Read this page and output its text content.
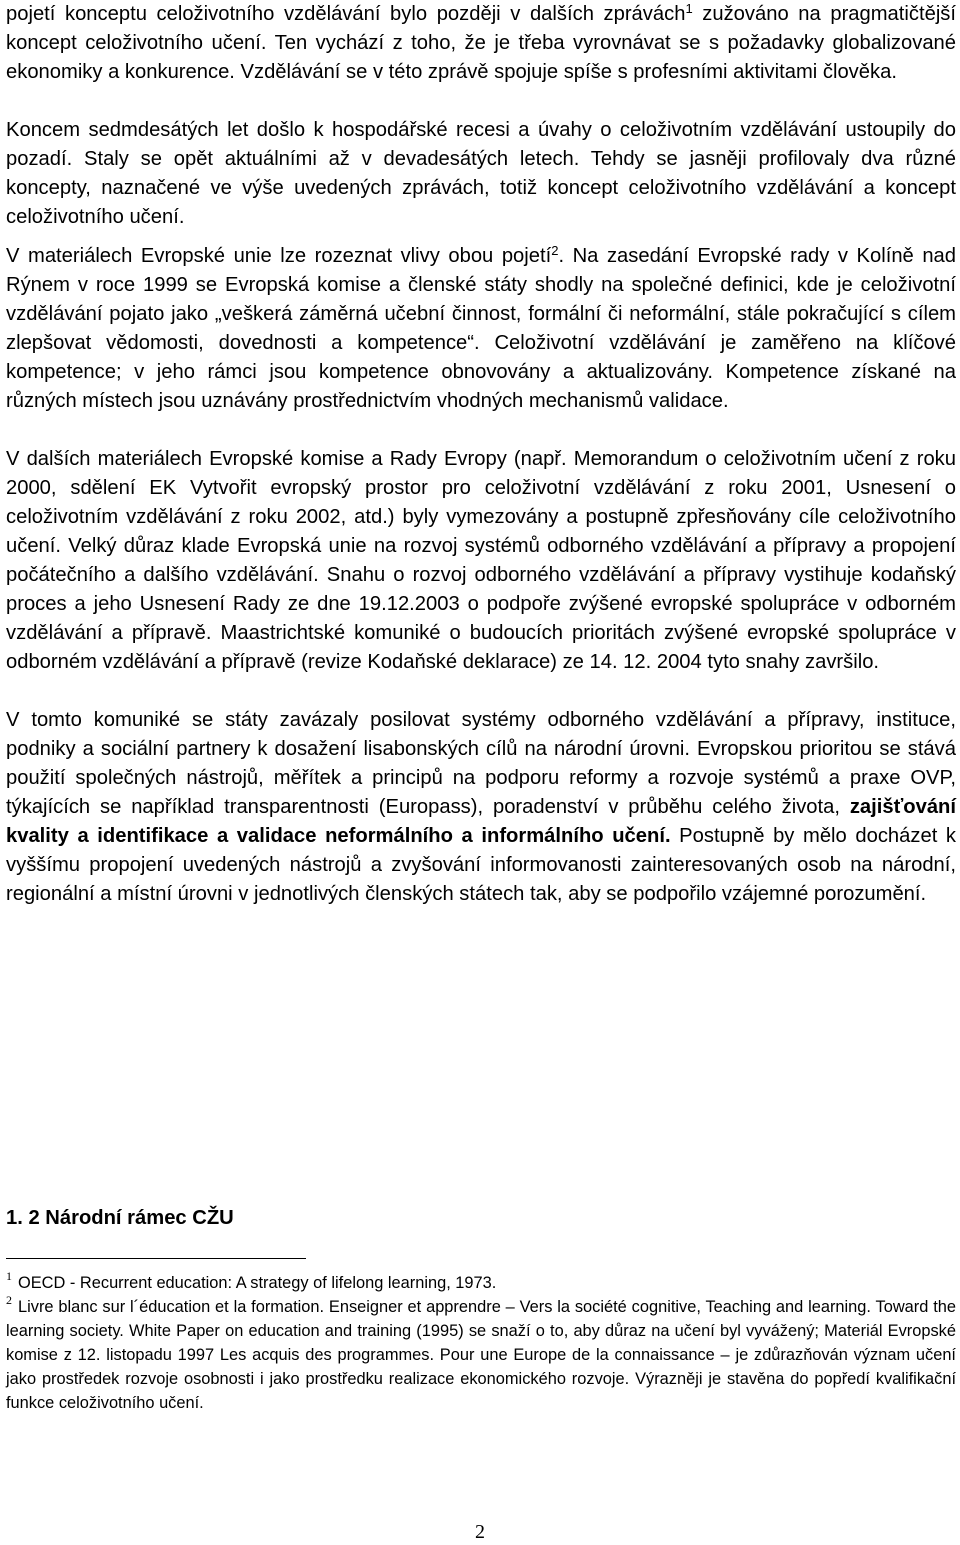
pojetí konceptu celoživotního vzdělávání bylo později v dalších zprávách$^1$ zužováno na pragmatičtější koncept celoživotního učení. Ten vychází z toho, že je třeba vyrovnávat se s požadavky globalizované ekonomiky a konkurence. Vzdělávání se v této zprávě spojuje spíše s profesními aktivitami člověka.

Koncem sedmdesátých let došlo k hospodářské recesi a úvahy o celoživotním vzdělávání ustoupily do pozadí. Staly se opět aktuálními až v devadesátých letech. Tehdy se jasněji profilovaly dva různé koncepty, naznačené ve výše uvedených zprávách, totiž koncept celoživotního vzdělávání a koncept celoživotního učení.

V materiálech Evropské unie lze rozeznat vlivy obou pojetí$^2$. Na zasedání Evropské rady v Kolíně nad Rýnem v roce 1999 se Evropská komise a členské státy shodly na společné definici, kde je celoživotní vzdělávání pojato jako „veškerá záměrná učební činnost, formální či neformální, stále pokračující s cílem zlepšovat vědomosti, dovednosti a kompetence“. Celoživotní vzdělávání je zaměřeno na klíčové kompetence; v jeho rámci jsou kompetence obnovovány a aktualizovány. Kompetence získané na různých místech jsou uznávány prostřednictvím vhodných mechanismů validace.

V dalších materiálech Evropské komise a Rady Evropy (např. Memorandum o celoživotním učení z roku 2000, sdělení EK Vytvořit evropský prostor pro celoživotní vzdělávání z roku 2001, Usnesení o celoživotním vzdělávání z roku 2002, atd.) byly vymezovány a postupně zpřesňovány cíle celoživotního učení. Velký důraz klade Evropská unie na rozvoj systémů odborného vzdělávání a přípravy a propojení počátečního a dalšího vzdělávání. Snahu o rozvoj odborného vzdělávání a přípravy vystihuje kodaňský proces a jeho Usnesení Rady ze dne 19.12.2003 o podpoře zvýšené evropské spolupráce v odborném vzdělávání a přípravě. Maastrichtské komuniké o budoucích prioritách zvýšené evropské spolupráce v odborném vzdělávání a přípravě (revize Kodaňské deklarace) ze 14. 12. 2004 tyto snahy završilo.

V tomto komuniké se státy zavázaly posilovat systémy odborného vzdělávání a přípravy, instituce, podniky a sociální partnery k dosažení lisabonských cílů na národní úrovni. Evropskou prioritou se stává použití společných nástrojů, měřítek a principů na podporu reformy a rozvoje systémů a praxe OVP, týkajících se například transparentnosti (Europass), poradenství v průběhu celého života, zajišťování kvality a identifikace a validace neformálního a informálního učení. Postupně by mělo docházet k vyššímu propojení uvedených nástrojů a zvyšování informovanosti zainteresovaných osob na národní, regionální a místní úrovni v jednotlivých členských státech tak, aby se podpořilo vzájemné porozumění.

1. 2 Národní rámec CŽU

$^1$ OECD - Recurrent education: A strategy of lifelong learning, 1973.

$^2$ Livre blanc sur l´éducation et la formation. Enseigner et apprendre – Vers la société cognitive, Teaching and learning. Toward the learning society. White Paper on education and training (1995) se snaží o to, aby důraz na učení byl vyvážený; Materiál Evropské komise z 12. listopadu 1997 Les acquis des programmes. Pour une Europe de la connaissance – je zdůrazňován význam učení jako prostředek rozvoje osobnosti i jako prostředku realizace ekonomického rozvoje. Výrazněji je stavěna do popředí kvalifikační funkce celoživotního učení.

2
